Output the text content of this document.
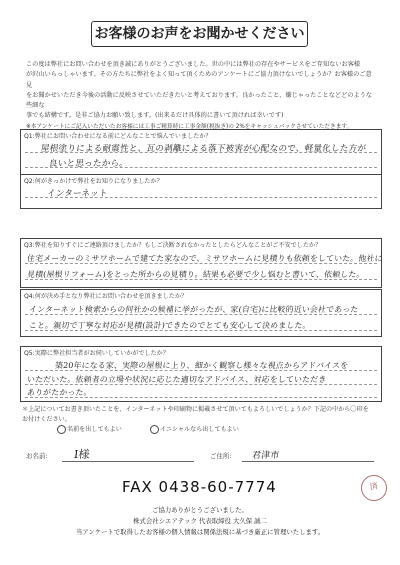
お客様のお声をお聞かせください

この度は弊社にお問い合わせを頂き誠にありがとうございました。世の中には弊社の存在やサービスをご存知ないお客様

が沢山いらっしゃいます。その方たちに弊社をよく知って頂くためのアンケートにご協力頂けないでしょうか？お客様のご意見

をお聞かせいただき今後の活動に反映させていただきたいと考えております。良かったこと、嫌じゃったことなどどのような些細な

事でも結構です。是非ご協力お願い致します。(出来るだけ具体的に書いて頂ければ幸いです)

※本アンケートにご記入いただいたお客様には工事ご精算時に工事金額(税抜き)の 2%をキャッシュバックさせていただきます。

Q1:弊社にお問い合わせになる前にどんなことで悩んでいましたか？
屋根塗りによる耐震性と、瓦の剥離による落下被害が心配なので、軽量化した方が
良いと思ったから。
Q2:何がきっかけで弊社をお知りになりましたか？
インターネット
Q3:弊社を知りすぐにご連絡頂けましたか？もしご決断されなかったとしたらどんなことがご不安でしたか？
住宅メーカーのミサワホームで建てた家なので、ミサワホームに見積りも依頼をしていた。他社に
見積(屋根リフォーム)をとった所からの見積り。結果も必要で少し悩むと書いて、依頼した。
Q4:何が決め手となり弊社にお問い合わせを頂きましたか？
インターネット検索からの何社かの候補に挙がったが、家(自宅)に比較的近い会社であった
こと。親切で丁寧な対応が見積(設計)できたのでとても安心して決めました。
Q5:実際に弊社担当者がお伺いしていかがでしたか？
築20年になる家、実際の屋根に上り、細かく観察し様々な視点からアドバイスを
いただいた。依頼者の立場や状況に応じた適切なアドバイス、対応をしていただき
ありがたかった。
＊上記についてお書き頂いたことを、インターネットや印刷物に掲載させて頂いてもよろしいでしょうか？下記の中から〇印を
お付けください。
名前を出してもよい	イニシャルなら出してもよい
お名前: I様	ご住所: 君津市
FAX 0438-60-7774	済
ご協力ありがとうございました。
株式会社シエアテック 代表取締役 大久保 誠二
当アンケートで取得したお客様の個人情報は関係法規に基づき厳正に管理いたします。
